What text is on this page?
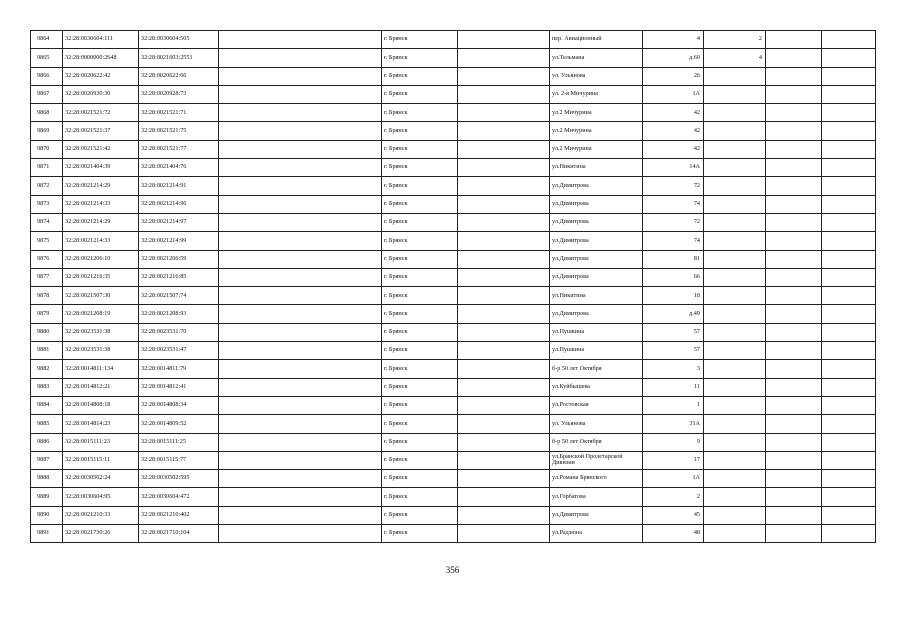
9864	32:28:0030604:111	32:28:0030604:505		г. Брянск		пер. Авиационный	4	2		
9865	32:28:0000000:2648	32:28:0021603:2551		г. Брянск		ул.Тельмана	д.60	4		
9866	32:28:0020622:42	32:28:0020622:66		г. Брянск		ул. Ульянова	26			
9867	32:28:0020930:30	32:28:0020928:73		г. Брянск		ул. 2-я Мичурина	1А			
9868	32:28:0021521:72	32:28:0021521:71		г. Брянск		ул.2 Мичурина	42			
9869	32:28:0021521:37	32:28:0021521:75		г. Брянск		ул.2 Мичурина	42			
9870	32:28:0021521:42	32:28:0021521:77		г. Брянск		ул.2 Мичурина	42			
9871	32:28:0021404:39	32:28:0021404:76		г. Брянск		ул.Никитина	14А			
9872	32:28:0021214:29	32:28:0021214:91		г. Брянск		ул.Димитрова	72			
9873	32:28:0021214:33	32:28:0021214:96		г. Брянск		ул.Димитрова	74			
9874	32:28:0021214:29	32:28:0021214:97		г. Брянск		ул.Димитрова	72			
9875	32:28:0021214:33	32:28:0021214:99		г. Брянск		ул.Димитрова	74			
9876	32:28:0021206:10	32:28:0021206:59		г. Брянск		ул.Димитрова	81			
9877	32:28:0021216:35	32:28:0021216:85		г. Брянск		ул.Димитрова	66			
9878	32:28:0021507:30	32:28:0021507:74		г. Брянск		ул.Никитина	18			
9879	32:28:0021208:19	32:28:0021208:93		г. Брянск		ул.Димитрова	д.49			
9880	32:28:0023531:38	32:28:0023531:70		г. Брянск		ул.Пушкина	57			
9881	32:28:0023531:38	32:28:0023531:47		г. Брянск		ул.Пушкина	57			
9882	32:28:0014811:134	32:28:0014811:79		г. Брянск		б-р 50 лет Октября	3			
9883	32:28:0014812:21	32:28:0014812:41		г. Брянск		ул.Куйбышева	11			
9884	32:28:0014808:18	32:28:0014808:34		г. Брянск		ул.Ростовская	1			
9885	32:28:0014814:23	32:28:0014809:52		г. Брянск		ул. Ульянова	31А			
9886	32:28:0015111:23	32:28:0015111:25		г. Брянск		б-р 50 лет Октября	9			
9887	32:28:0015115:11	32:28:0015115:77		г. Брянск		ул.Брянской Пролетарской Дивизии	17			
9888	32:28:0030502:24	32:28:0030502:595		г. Брянск		ул.Романа Брянского	1А			
9889	32:28:0030604:95	32:28:0030604:472		г. Брянск		ул.Горбатова	2			
9890	32:28:0021210:33	32:28:0021210:402		г. Брянск		ул.Димитрова	45			
9891	32:28:0021730:26	32:28:0021710:104		г. Брянск		ул.Радзюна	48			
356
